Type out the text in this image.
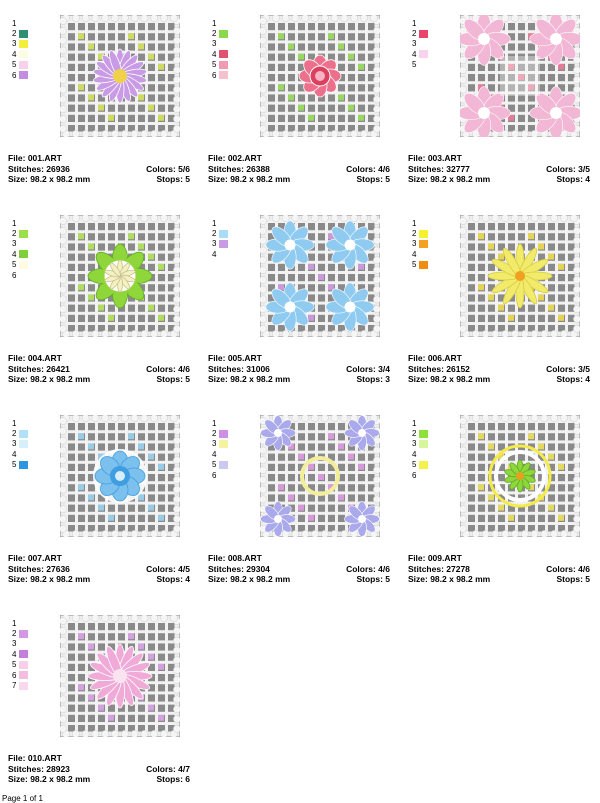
1
2
3
4
5
6
File: 001.ART
Stitches: 26936	Colors: 5/6
Size: 98.2 x 98.2 mm	Stops: 5
1
2
3
4
5
6
File: 002.ART
Stitches: 26388	Colors: 4/6
Size: 98.2 x 98.2 mm	Stops: 5
1
2
3
4
5
File: 003.ART
Stitches: 32777	Colors: 3/5
Size: 98.2 x 98.2 mm	Stops: 4
1
2
3
4
5
6
File: 004.ART
Stitches: 26421	Colors: 4/6
Size: 98.2 x 98.2 mm	Stops: 5
1
2
3
4
File: 005.ART
Stitches: 31006	Colors: 3/4
Size: 98.2 x 98.2 mm	Stops: 3
1
2
3
4
5
File: 006.ART
Stitches: 26152	Colors: 3/5
Size: 98.2 x 98.2 mm	Stops: 4
1
2
3
4
5
File: 007.ART
Stitches: 27636	Colors: 4/5
Size: 98.2 x 98.2 mm	Stops: 4
1
2
3
4
5
6
File: 008.ART
Stitches: 29304	Colors: 4/6
Size: 98.2 x 98.2 mm	Stops: 5
1
2
3
4
5
6
File: 009.ART
Stitches: 27278	Colors: 4/6
Size: 98.2 x 98.2 mm	Stops: 5
1
2
3
4
5
6
7
File: 010.ART
Stitches: 28923	Colors: 4/7
Size: 98.2 x 98.2 mm	Stops: 6
Page 1 of 1
